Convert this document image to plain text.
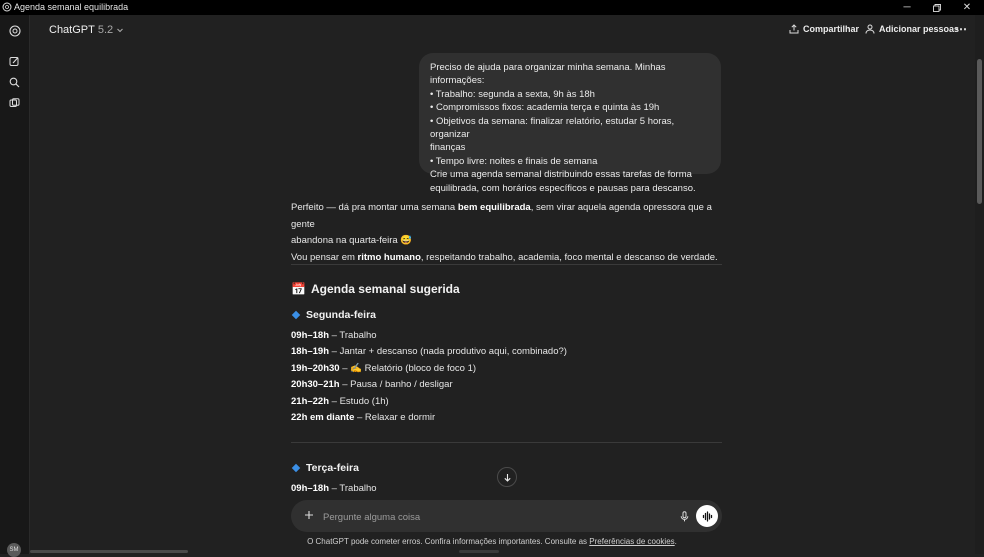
Agenda semanal equilibrada	─	✕
SM
ChatGPT 5.2	Compartilhar Adicionar pessoas
⋯

Preciso de ajuda para organizar minha semana. Minhas informações:

• Trabalho: segunda a sexta, 9h às 18h

• Compromissos fixos: academia terça e quinta às 19h

• Objetivos da semana: finalizar relatório, estudar 5 horas, organizar

finanças

• Tempo livre: noites e finais de semana

Crie uma agenda semanal distribuindo essas tarefas de forma

equilibrada, com horários específicos e pausas para descanso.

Perfeito — dá pra montar uma semana bem equilibrada, sem virar aquela agenda opressora que a gente

abandona na quarta-feira 😅

Vou pensar em ritmo humano, respeitando trabalho, academia, foco mental e descanso de verdade.

📅 Agenda semanal sugerida
Segunda-feira
09h–18h – Trabalho
18h–19h – Jantar + descanso (nada produtivo aqui, combinado?)
19h–20h30 – ✍️ Relatório (bloco de foco 1)
20h30–21h – Pausa / banho / desligar
21h–22h – Estudo (1h)
22h em diante – Relaxar e dormir
Terça-feira
09h–18h – Trabalho
Pergunte alguma coisa
O ChatGPT pode cometer erros. Confira informações importantes. Consulte as Preferências de cookies.
